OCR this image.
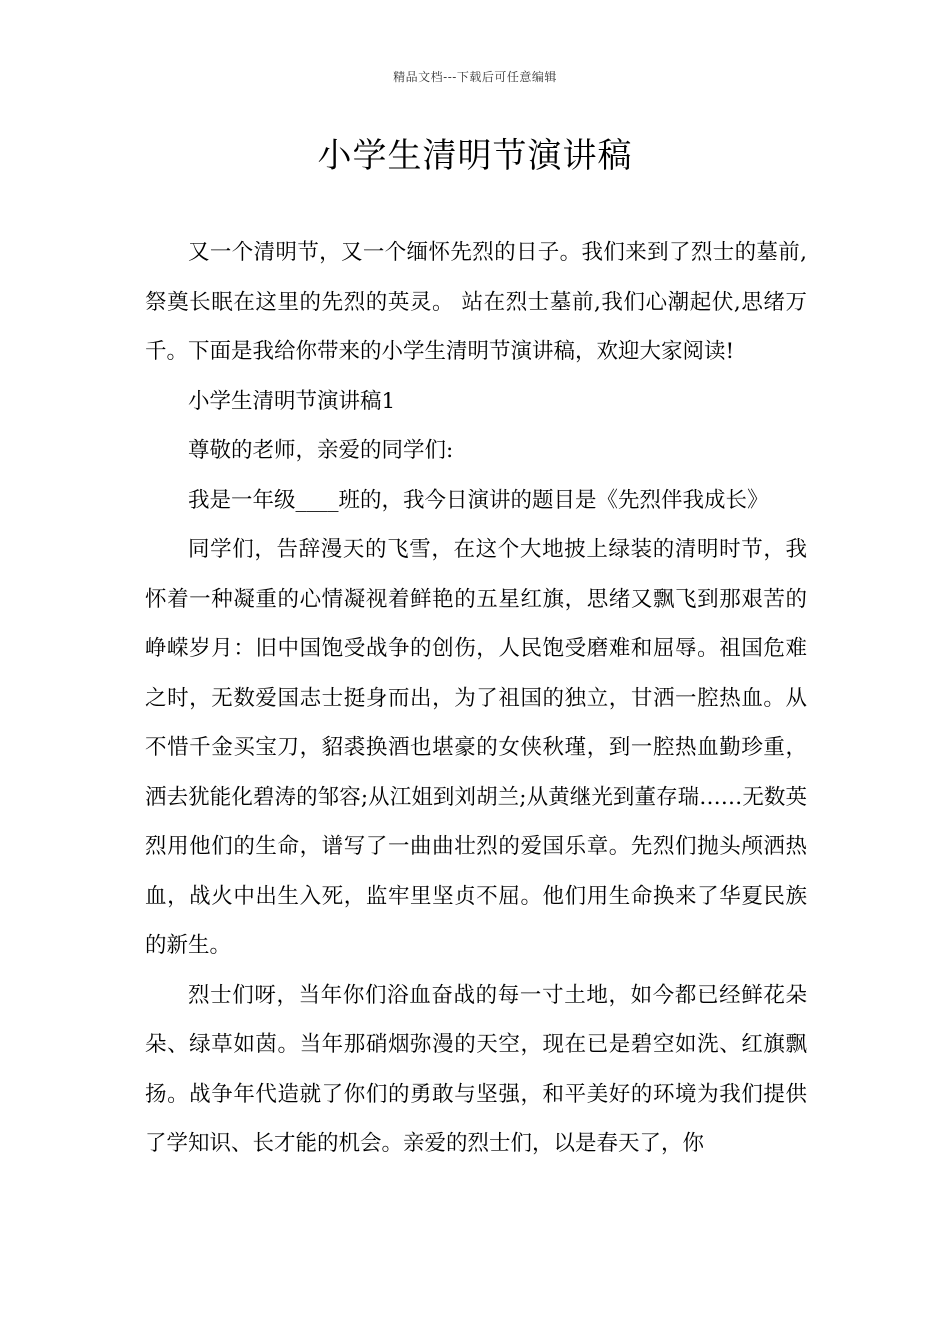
精品文档---下载后可任意编辑
小学生清明节演讲稿

又一个清明节，又一个缅怀先烈的日子。我们来到了烈士的墓前,祭奠长眠在这里的先烈的英灵。 站在烈士墓前,我们心潮起伏,思绪万千。下面是我给你带来的小学生清明节演讲稿，欢迎大家阅读!

小学生清明节演讲稿1

尊敬的老师，亲爱的同学们:

我是一年级____班的，我今日演讲的题目是《先烈伴我成长》

同学们，告辞漫天的飞雪，在这个大地披上绿装的清明时节，我怀着一种凝重的心情凝视着鲜艳的五星红旗，思绪又飘飞到那艰苦的峥嵘岁月：旧中国饱受战争的创伤，人民饱受磨难和屈辱。祖国危难之时，无数爱国志士挺身而出，为了祖国的独立，甘洒一腔热血。从不惜千金买宝刀，貂裘换酒也堪豪的女侠秋瑾，到一腔热血勤珍重，洒去犹能化碧涛的邹容;从江姐到刘胡兰;从黄继光到董存瑞……无数英烈用他们的生命，谱写了一曲曲壮烈的爱国乐章。先烈们抛头颅洒热血，战火中出生入死，监牢里坚贞不屈。他们用生命换来了华夏民族的新生。

烈士们呀，当年你们浴血奋战的每一寸土地，如今都已经鲜花朵朵、绿草如茵。当年那硝烟弥漫的天空，现在已是碧空如洗、红旗飘扬。战争年代造就了你们的勇敢与坚强，和平美好的环境为我们提供了学知识、长才能的机会。亲爱的烈士们，以是春天了，你
